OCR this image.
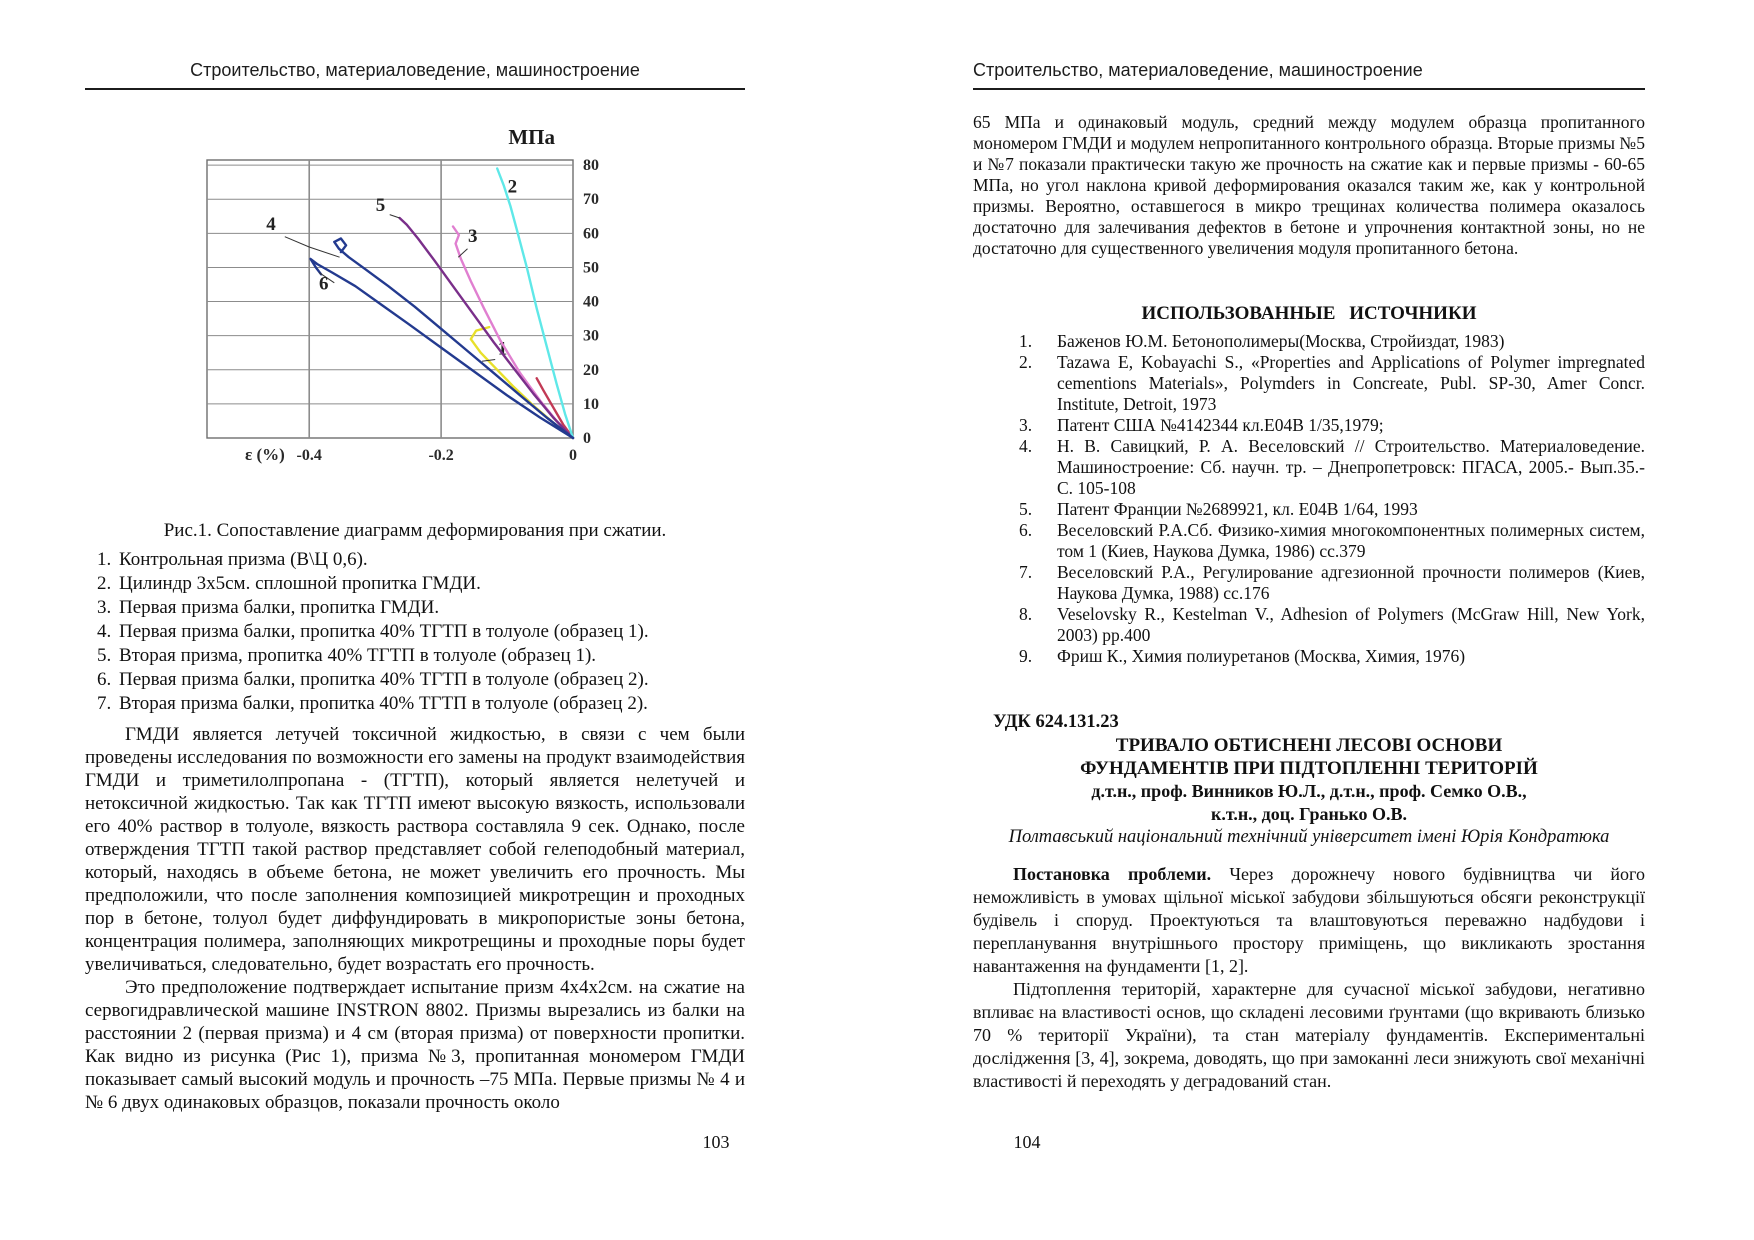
Строительство, материаловедение, машиностроение
1
3
5
2
4
6
80
70
60
50
40
30
20
10
0
-0.4	-0.2	0
ε (%)
МПа
Рис.1. Сопоставление диаграмм деформирования при сжатии.
1. Контрольная призма (В\Ц 0,6).
2. Цилиндр 3х5см. сплошной пропитка ГМДИ.
3. Первая призма балки, пропитка ГМДИ.
4. Первая призма балки, пропитка 40% ТГТП в толуоле (образец 1).
5. Вторая призма, пропитка 40% ТГТП в толуоле (образец 1).
6. Первая призма балки, пропитка 40% ТГТП в толуоле (образец 2).
7. Вторая призма балки, пропитка 40% ТГТП в толуоле (образец 2).

ГМДИ является летучей токсичной жидкостью, в связи с чем были проведены исследования по возможности его замены на продукт взаимодействия ГМДИ и триметилолпропана - (ТГТП), который является нелетучей и нетоксичной жидкостью. Так как ТГТП имеют высокую вязкость, использовали его 40% раствор в толуоле, вязкость раствора составляла 9 сек. Однако, после отверждения ТГТП такой раствор представляет собой гелеподобный материал, который, находясь в объеме бетона, не может увеличить его прочность. Мы предположили, что после заполнения композицией микротрещин и проходных пор в бетоне, толуол будет диффундировать в микропористые зоны бетона, концентрация полимера, заполняющих микротрещины и проходные поры будет увеличиваться, следовательно, будет возрастать его прочность.

Это предположение подтверждает испытание призм 4х4х2см. на сжатие на сервогидравлической машине INSTRON 8802. Призмы вырезались из балки на расстоянии 2 (первая призма) и 4 см (вторая призма) от поверхности пропитки. Как видно из рисунка (Рис 1), призма №3, пропитанная мономером ГМДИ показывает самый высокий модуль и прочность –75 МПа. Первые призмы № 4 и № 6 двух одинаковых образцов, показали прочность около

Строительство, материаловедение, машиностроение
65 МПа и одинаковый модуль, средний между модулем образца пропитанного мономером ГМДИ и модулем непропитанного контрольного образца. Вторые призмы №5 и №7 показали практически такую же прочность на сжатие как и первые призмы - 60-65 МПа, но угол наклона кривой деформирования оказался таким же, как у контрольной призмы. Вероятно, оставшегося в микро трещинах количества полимера оказалось достаточно для залечивания дефектов в бетоне и упрочнения контактной зоны, но не достаточно для существенного увеличения модуля пропитанного бетона.
ИСПОЛЬЗОВАННЫЕ ИСТОЧНИКИ
1.	Баженов Ю.М. Бетонополимеры(Москва, Стройиздат, 1983)
2.	Tazawa E, Kobayachi S., «Properties and Applications of Polymer impregnated cementions Materials», Polymders in Concreate, Publ. SP-30, Amer Concr. Institute, Detroit, 1973
3.	Патент США №4142344 кл.Е04В 1/35,1979;
4.	Н. В. Савицкий, Р. А. Веселовский // Строительство. Материаловедение. Машиностроение: Сб. научн. тр. – Днепропетровск: ПГАСА, 2005.- Вып.35.-С. 105-108
5.	Патент Франции №2689921, кл. Е04В 1/64, 1993
6.	Веселовский Р.А.Сб. Физико-химия многокомпонентных полимерных систем, том 1 (Киев, Наукова Думка, 1986) сс.379
7.	Веселовский Р.А., Регулирование адгезионной прочности полимеров (Киев, Наукова Думка, 1988) сс.176
8.	Veselovsky R., Kestelman V., Adhesion of Polymers (McGraw Hill, New York, 2003) pp.400
9.	Фриш К., Химия полиуретанов (Москва, Химия, 1976)
УДК 624.131.23
ТРИВАЛО ОБТИСНЕНІ ЛЕСОВІ ОСНОВИ
ФУНДАМЕНТІВ ПРИ ПІДТОПЛЕННІ ТЕРИТОРІЙ
д.т.н., проф. Винников Ю.Л., д.т.н., проф. Семко О.В.,
к.т.н., доц. Гранько О.В.
Полтавський національний технічний університет імені Юрія Кондратюка

Постановка проблеми. Через дорожнечу нового будівництва чи його неможливість в умовах щільної міської забудови збільшуються обсяги реконструкції будівель і споруд. Проектуються та влаштовуються переважно надбудови і перепланування внутрішнього простору приміщень, що викликають зростання навантаження на фундаменти [1, 2].

Підтоплення територій, характерне для сучасної міської забудови, негативно впливає на властивості основ, що складені лесовими ґрунтами (що вкривають близько 70 % території України), та стан матеріалу фундаментів. Експериментальні дослідження [3, 4], зокрема, доводять, що при замоканні леси знижують свої механічні властивості й переходять у деградований стан.

103	104
